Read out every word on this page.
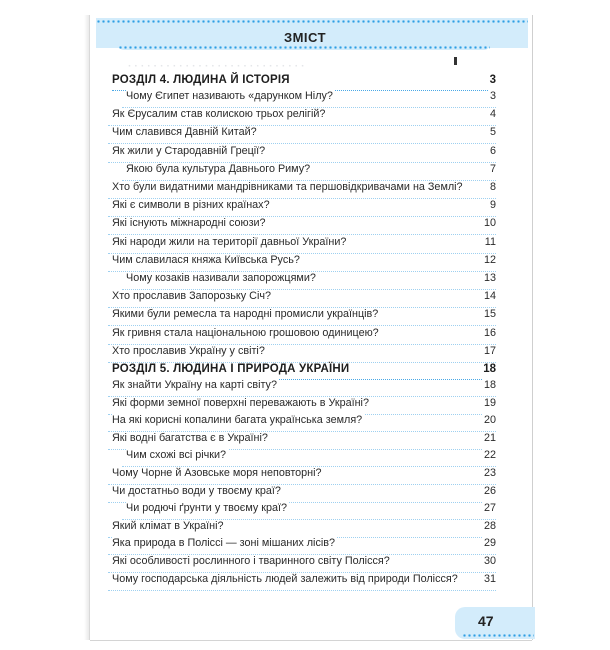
ЗМІСТ
· · · · · · · · · · · · · · · · · · · · · · · · · · · ·
РОЗДІЛ 4. ЛЮДИНА Й ІСТОРІЯ	3
Чому Єгипет називають «дарунком Нілу?	3
Як Єрусалим став колискою трьох релігій?	4
Чим славився Давній Китай?	5
Як жили у Стародавній Греції?	6
Якою була культура Давнього Риму?	7
Хто були видатними мандрівниками та першовідкривачами на Землі?	8
Які є символи в різних країнах?	9
Які існують міжнародні союзи?	10
Які народи жили на території давньої України?	11
Чим славилася княжа Київська Русь?	12
Чому козаків називали запорожцями?	13
Хто прославив Запорозьку Січ?	14
Якими були ремесла та народні промисли українців?	15
Як гривня стала національною грошовою одиницею?	16
Хто прославив Україну у світі?	17
РОЗДІЛ 5. ЛЮДИНА І ПРИРОДА УКРАЇНИ	18
Як знайти Україну на карті світу?	18
Які форми земної поверхні переважають в Україні?	19
На які корисні копалини багата українська земля?	20
Які водні багатства є в Україні?	21
Чим схожі всі річки?	22
Чому Чорне й Азовське моря неповторні?	23
Чи достатньо води у твоєму краї?	26
Чи родючі ґрунти у твоєму краї?	27
Який клімат в Україні?	28
Яка природа в Поліссі — зоні мішаних лісів?	29
Які особливості рослинного і тваринного світу Полісся?	30
Чому господарська діяльність людей залежить від природи Полісся? 31
47
